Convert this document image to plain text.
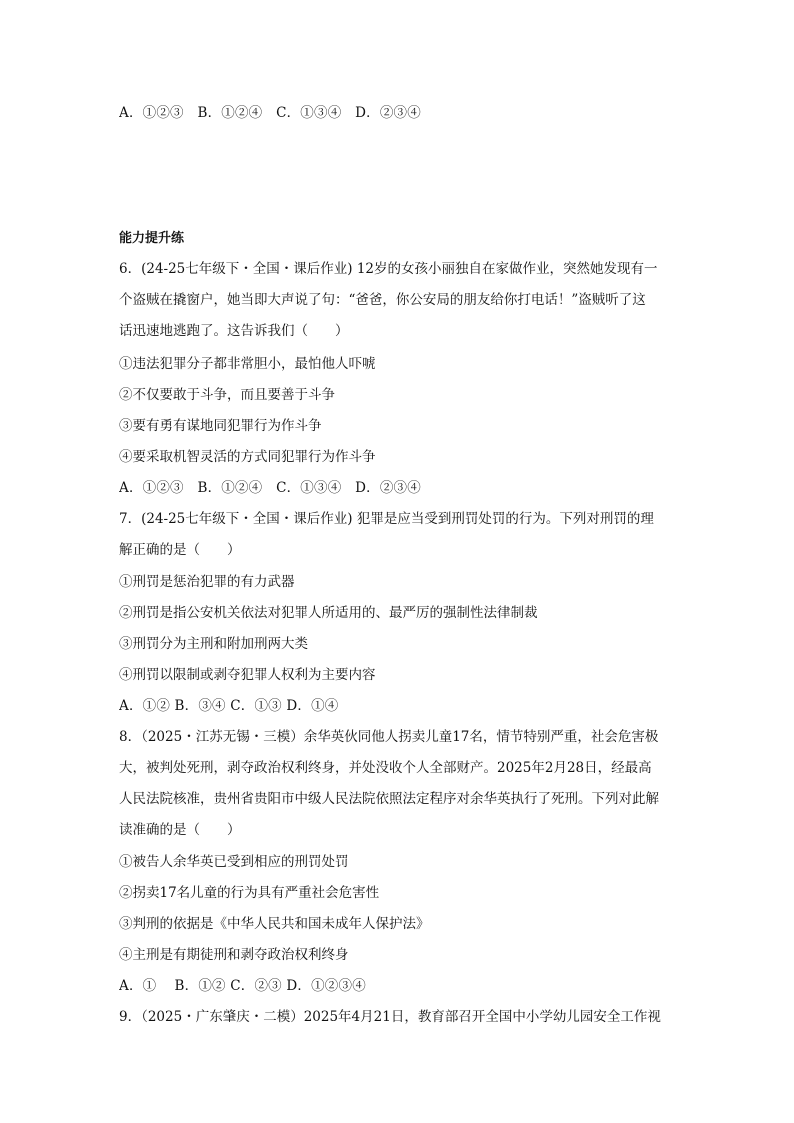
A．①②③　B．①②④　C．①③④　D．②③④
能力提升练
6．(24-25七年级下・全国・课后作业) 12岁的女孩小丽独自在家做作业，突然她发现有一
个盗贼在撬窗户，她当即大声说了句：“爸爸，你公安局的朋友给你打电话！”盗贼听了这
话迅速地逃跑了。这告诉我们（　　）
①违法犯罪分子都非常胆小，最怕他人吓唬
②不仅要敢于斗争，而且要善于斗争
③要有勇有谋地同犯罪行为作斗争
④要采取机智灵活的方式同犯罪行为作斗争
A．①②③　B．①②④　C．①③④　D．②③④
7．(24-25七年级下・全国・课后作业) 犯罪是应当受到刑罚处罚的行为。下列对刑罚的理
解正确的是（　　）
①刑罚是惩治犯罪的有力武器
②刑罚是指公安机关依法对犯罪人所适用的、最严厉的强制性法律制裁
③刑罚分为主刑和附加刑两大类
④刑罚以限制或剥夺犯罪人权利为主要内容
A．①② B．③④ C．①③ D．①④
8．（2025・江苏无锡・三模）余华英伙同他人拐卖儿童17名，情节特别严重，社会危害极
大，被判处死刑，剥夺政治权利终身，并处没收个人全部财产。2025年2月28日，经最高
人民法院核准，贵州省贵阳市中级人民法院依照法定程序对余华英执行了死刑。下列对此解
读准确的是（　　）
①被告人余华英已受到相应的刑罚处罚
②拐卖17名儿童的行为具有严重社会危害性
③判刑的依据是《中华人民共和国未成年人保护法》
④主刑是有期徒刑和剥夺政治权利终身
A．①　 B．①② C．②③ D．①②③④
9．（2025・广东肇庆・二模）2025年4月21日，教育部召开全国中小学幼儿园安全工作视
